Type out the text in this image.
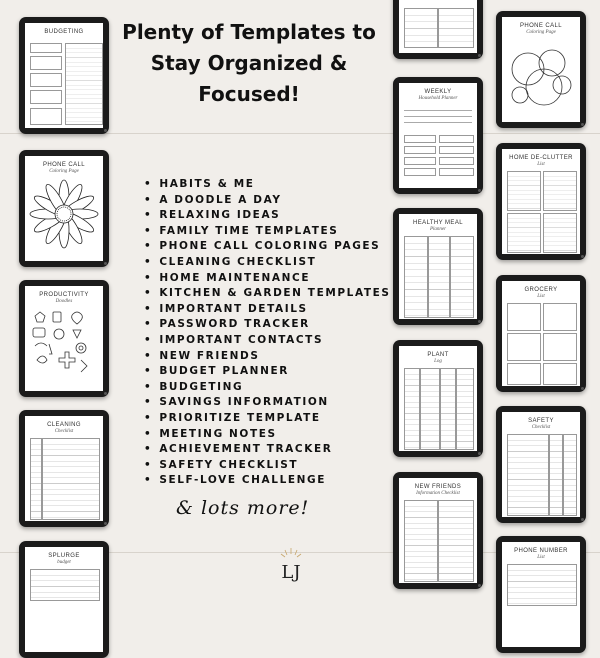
Plenty of Templates to Stay Organized & Focused!
• HABITS & ME
• A DOODLE A DAY
• RELAXING IDEAS
• FAMILY TIME TEMPLATES
• PHONE CALL COLORING PAGES
• CLEANING CHECKLIST
• HOME MAINTENANCE
• KITCHEN & GARDEN TEMPLATES
• IMPORTANT DETAILS
• PASSWORD TRACKER
• IMPORTANT CONTACTS
• NEW FRIENDS
• BUDGET PLANNER
• BUDGETING
• SAVINGS INFORMATION
• PRIORITIZE TEMPLATE
• MEETING NOTES
• ACHIEVEMENT TRACKER
• SAFETY CHECKLIST
• SELF-LOVE CHALLENGE
& lots more!
LJ
BUDGETING
PHONE CALL
Coloring Page
PRODUCTIVITY
Doodles
CLEANING
Checklist
SPLURGE
budget
WEEKLY
Household Planner
HEALTHY MEAL
Planner
PLANT
Log
NEW FRIENDS
Information Checklist
PHONE CALL
Coloring Page
HOME DE-CLUTTER
List
GROCERY
List
SAFETY
Checklist
PHONE NUMBER
List
